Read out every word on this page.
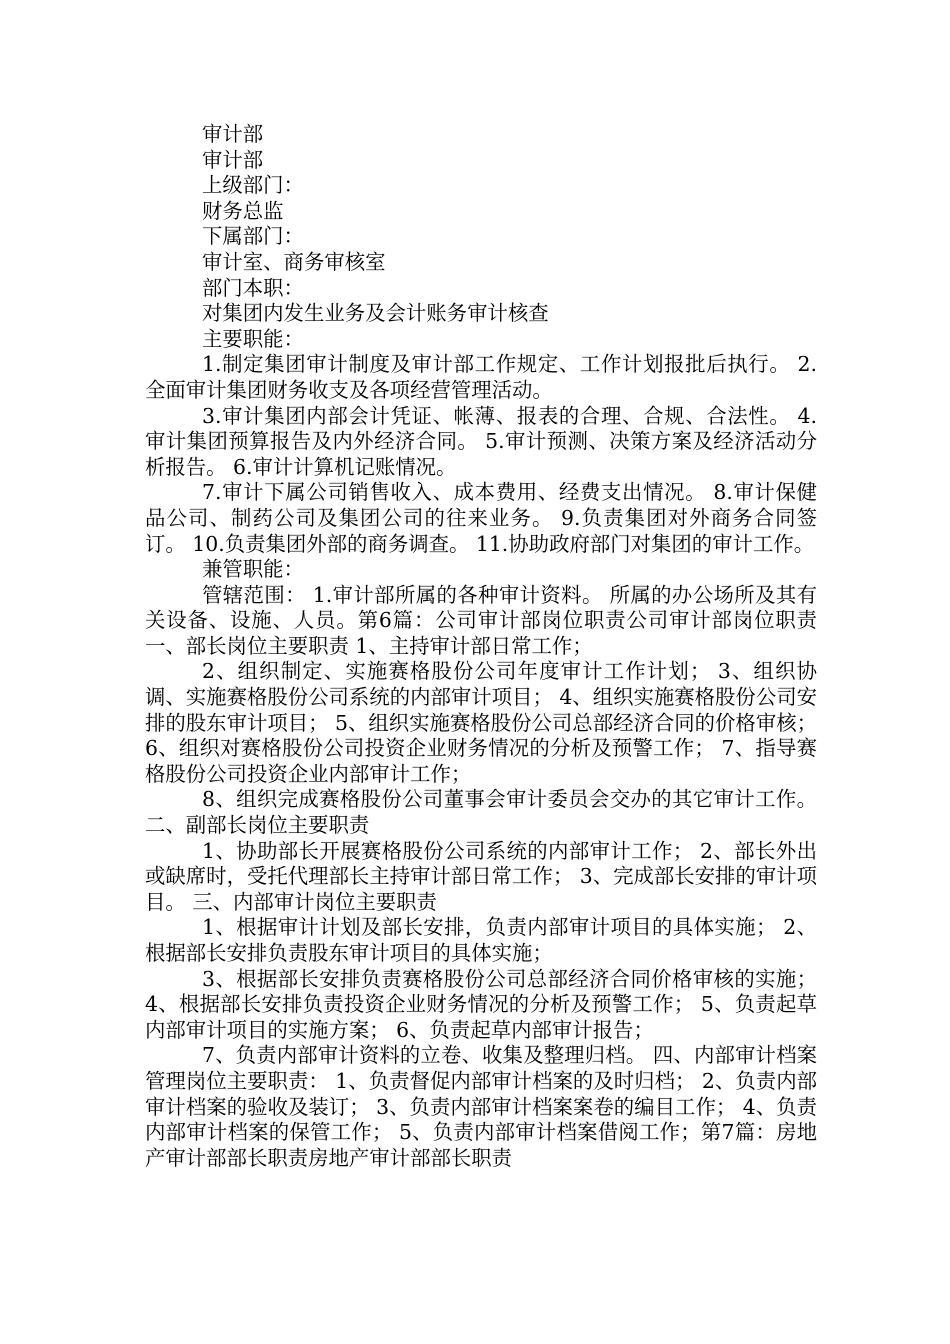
审计部
审计部
上级部门：
财务总监
下属部门：
审计室、商务审核室
部门本职：
对集团内发生业务及会计账务审计核查
主要职能：
1.制定集团审计制度及审计部工作规定、工作计划报批后执行。 2.全面审计集团财务收支及各项经营管理活动。
3.审计集团内部会计凭证、帐薄、报表的合理、合规、合法性。 4.审计集团预算报告及内外经济合同。 5.审计预测、决策方案及经济活动分析报告。 6.审计计算机记账情况。
7.审计下属公司销售收入、成本费用、经费支出情况。 8.审计保健品公司、制药公司及集团公司的往来业务。 9.负责集团对外商务合同签订。 10.负责集团外部的商务调查。 11.协助政府部门对集团的审计工作。
兼管职能：
管辖范围： 1.审计部所属的各种审计资料。 所属的办公场所及其有关设备、设施、人员。第6篇：公司审计部岗位职责公司审计部岗位职责一、部长岗位主要职责 1、主持审计部日常工作；
2、组织制定、实施赛格股份公司年度审计工作计划； 3、组织协调、实施赛格股份公司系统的内部审计项目； 4、组织实施赛格股份公司安排的股东审计项目； 5、组织实施赛格股份公司总部经济合同的价格审核； 6、组织对赛格股份公司投资企业财务情况的分析及预警工作； 7、指导赛格股份公司投资企业内部审计工作；
8、组织完成赛格股份公司董事会审计委员会交办的其它审计工作。 二、副部长岗位主要职责
1、协助部长开展赛格股份公司系统的内部审计工作； 2、部长外出或缺席时，受托代理部长主持审计部日常工作； 3、完成部长安排的审计项目。 三、内部审计岗位主要职责
1、根据审计计划及部长安排，负责内部审计项目的具体实施； 2、根据部长安排负责股东审计项目的具体实施；
3、根据部长安排负责赛格股份公司总部经济合同价格审核的实施； 4、根据部长安排负责投资企业财务情况的分析及预警工作； 5、负责起草内部审计项目的实施方案； 6、负责起草内部审计报告；
7、负责内部审计资料的立卷、收集及整理归档。 四、内部审计档案管理岗位主要职责： 1、负责督促内部审计档案的及时归档； 2、负责内部审计档案的验收及装订； 3、负责内部审计档案案卷的编目工作； 4、负责内部审计档案的保管工作； 5、负责内部审计档案借阅工作；第7篇：房地产审计部部长职责房地产审计部部长职责
